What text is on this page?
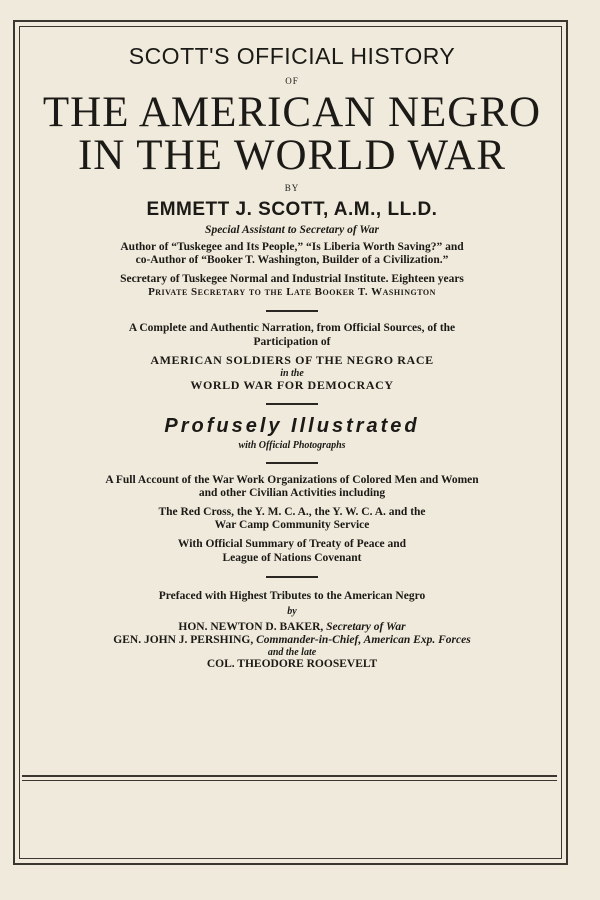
SCOTT'S OFFICIAL HISTORY
OF
THE AMERICAN NEGRO
IN THE WORLD WAR
BY
EMMETT J. SCOTT, A.M., LL.D.
Special Assistant to Secretary of War
Author of “Tuskegee and Its People,” “Is Liberia Worth Saving?” and
co-Author of “Booker T. Washington, Builder of a Civilization.”
Secretary of Tuskegee Normal and Industrial Institute. Eighteen years
Private Secretary to the Late Booker T. Washington
A Complete and Authentic Narration, from Official Sources, of the
Participation of
AMERICAN SOLDIERS OF THE NEGRO RACE
in the
WORLD WAR FOR DEMOCRACY
Profusely Illustrated
with Official Photographs
A Full Account of the War Work Organizations of Colored Men and Women
and other Civilian Activities including
The Red Cross, the Y. M. C. A., the Y. W. C. A. and the
War Camp Community Service
With Official Summary of Treaty of Peace and
League of Nations Covenant
Prefaced with Highest Tributes to the American Negro
by
HON. NEWTON D. BAKER, Secretary of War
GEN. JOHN J. PERSHING, Commander-in-Chief, American Exp. Forces
and the late
COL. THEODORE ROOSEVELT
